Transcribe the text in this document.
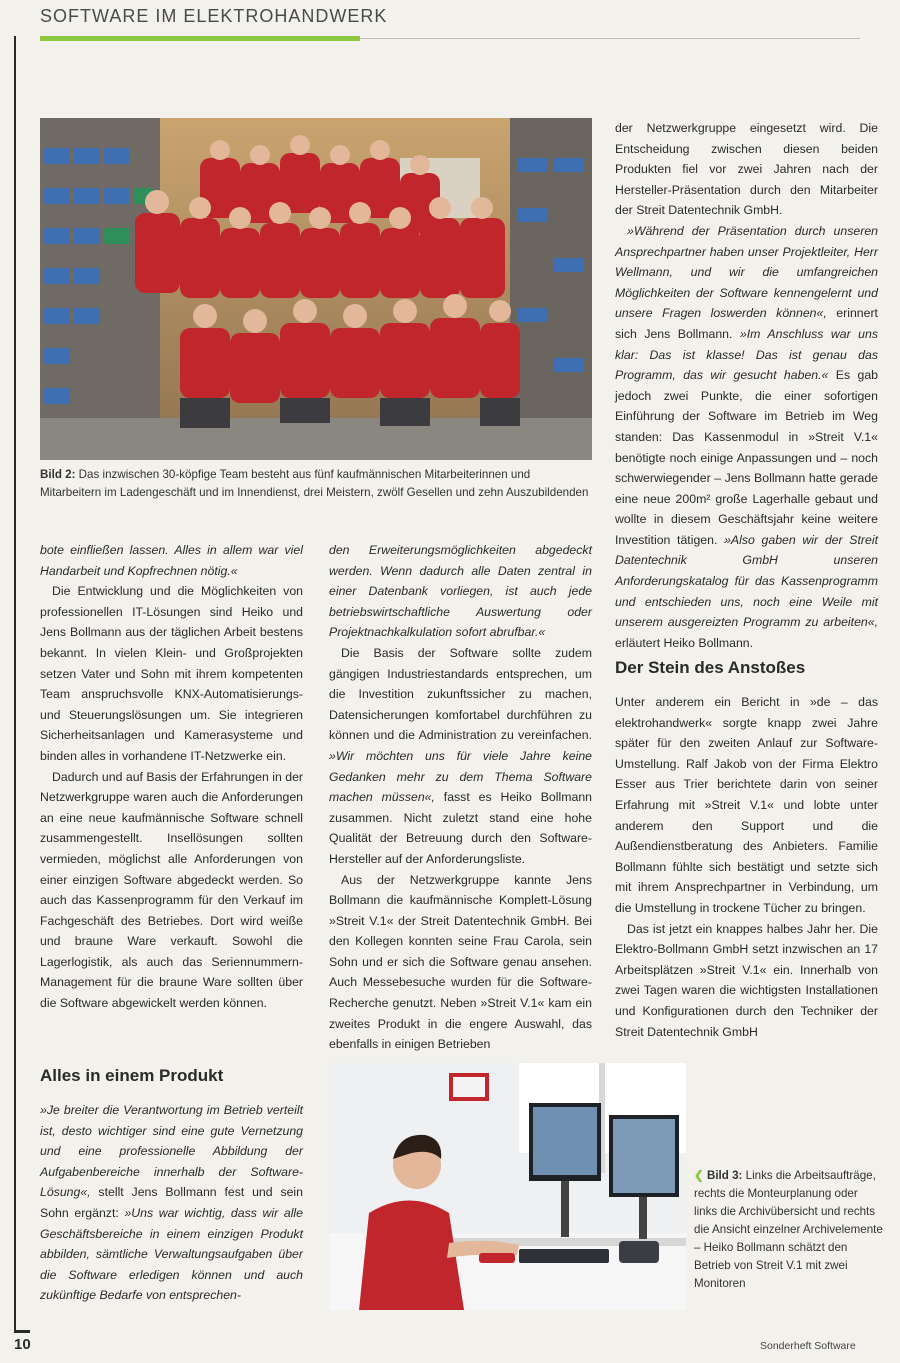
SOFTWARE IM ELEKTROHANDWERK
Bild 2: Das inzwischen 30-köpfige Team besteht aus fünf kaufmännischen Mitarbeiterinnen und Mitarbeitern im Ladengeschäft und im Innendienst, drei Meistern, zwölf Gesellen und zehn Auszubildenden

bote einfließen lassen. Alles in allem war viel Handarbeit und Kopfrechnen nötig.«

Die Entwicklung und die Möglichkeiten von professionellen IT-Lösungen sind Heiko und Jens Bollmann aus der täglichen Arbeit bestens bekannt. In vielen Klein- und Großprojekten setzen Vater und Sohn mit ihrem kompetenten Team anspruchsvolle KNX-Automatisierungs- und Steuerungslösungen um. Sie integrieren Sicherheitsanlagen und Kamerasysteme und binden alles in vorhandene IT-Netzwerke ein.

Dadurch und auf Basis der Erfahrungen in der Netzwerkgruppe waren auch die Anforderungen an eine neue kaufmännische Software schnell zusammengestellt. Insellösungen sollten vermieden, möglichst alle Anforderungen von einer einzigen Software abgedeckt werden. So auch das Kassenprogramm für den Verkauf im Fachgeschäft des Betriebes. Dort wird weiße und braune Ware verkauft. Sowohl die Lagerlogistik, als auch das Seriennummern-Management für die braune Ware sollten über die Software abgewickelt werden können.

Alles in einem Produkt

»Je breiter die Verantwortung im Betrieb verteilt ist, desto wichtiger sind eine gute Vernetzung und eine professionelle Abbildung der Aufgabenbereiche innerhalb der Software-Lösung«, stellt Jens Bollmann fest und sein Sohn ergänzt: »Uns war wichtig, dass wir alle Geschäftsbereiche in einem einzigen Produkt abbilden, sämtliche Verwaltungsaufgaben über die Software erledigen können und auch zukünftige Bedarfe von entsprechen-

den Erweiterungsmöglichkeiten abgedeckt werden. Wenn dadurch alle Daten zentral in einer Datenbank vorliegen, ist auch jede betriebswirtschaftliche Auswertung oder Projektnachkalkulation sofort abrufbar.«

Die Basis der Software sollte zudem gängigen Industriestandards entsprechen, um die Investition zukunftssicher zu machen, Datensicherungen komfortabel durchführen zu können und die Administration zu vereinfachen. »Wir möchten uns für viele Jahre keine Gedanken mehr zu dem Thema Software machen müssen«, fasst es Heiko Bollmann zusammen. Nicht zuletzt stand eine hohe Qualität der Betreuung durch den Software-Hersteller auf der Anforderungsliste.

Aus der Netzwerkgruppe kannte Jens Bollmann die kaufmännische Komplett-Lösung »Streit V.1« der Streit Datentechnik GmbH. Bei den Kollegen konnten seine Frau Carola, sein Sohn und er sich die Software genau ansehen. Auch Messebesuche wurden für die Software-Recherche genutzt. Neben »Streit V.1« kam ein zweites Produkt in die engere Auswahl, das ebenfalls in einigen Betrieben

der Netzwerkgruppe eingesetzt wird. Die Entscheidung zwischen diesen beiden Produkten fiel vor zwei Jahren nach der Hersteller-Präsentation durch den Mitarbeiter der Streit Datentechnik GmbH.

»Während der Präsentation durch unseren Ansprechpartner haben unser Projektleiter, Herr Wellmann, und wir die umfangreichen Möglichkeiten der Software kennengelernt und unsere Fragen loswerden können«, erinnert sich Jens Bollmann. »Im Anschluss war uns klar: Das ist klasse! Das ist genau das Programm, das wir gesucht haben.« Es gab jedoch zwei Punkte, die einer sofortigen Einführung der Software im Betrieb im Weg standen: Das Kassenmodul in »Streit V.1« benötigte noch einige Anpassungen und – noch schwerwiegender – Jens Bollmann hatte gerade eine neue 200m² große Lagerhalle gebaut und wollte in diesem Geschäftsjahr keine weitere Investition tätigen. »Also gaben wir der Streit Datentechnik GmbH unseren Anforderungskatalog für das Kassenprogramm und entschieden uns, noch eine Weile mit unserem ausgereizten Programm zu arbeiten«, erläutert Heiko Bollmann.

Der Stein des Anstoßes

Unter anderem ein Bericht in »de – das elektrohandwerk« sorgte knapp zwei Jahre später für den zweiten Anlauf zur Software-Umstellung. Ralf Jakob von der Firma Elektro Esser aus Trier berichtete darin von seiner Erfahrung mit »Streit V.1« und lobte unter anderem den Support und die Außendienstberatung des Anbieters. Familie Bollmann fühlte sich bestätigt und setzte sich mit ihrem Ansprechpartner in Verbindung, um die Umstellung in trockene Tücher zu bringen.

Das ist jetzt ein knappes halbes Jahr her. Die Elektro-Bollmann GmbH setzt inzwischen an 17 Arbeitsplätzen »Streit V.1« ein. Innerhalb von zwei Tagen waren die wichtigsten Installationen und Konfigurationen durch den Techniker der Streit Datentechnik GmbH

❮ Bild 3: Links die Arbeitsaufträge, rechts die Monteurplanung oder links die Archivübersicht und rechts die Ansicht einzelner Archivelemente – Heiko Bollmann schätzt den Betrieb von Streit V.1 mit zwei Monitoren
10	Sonderheft Software
